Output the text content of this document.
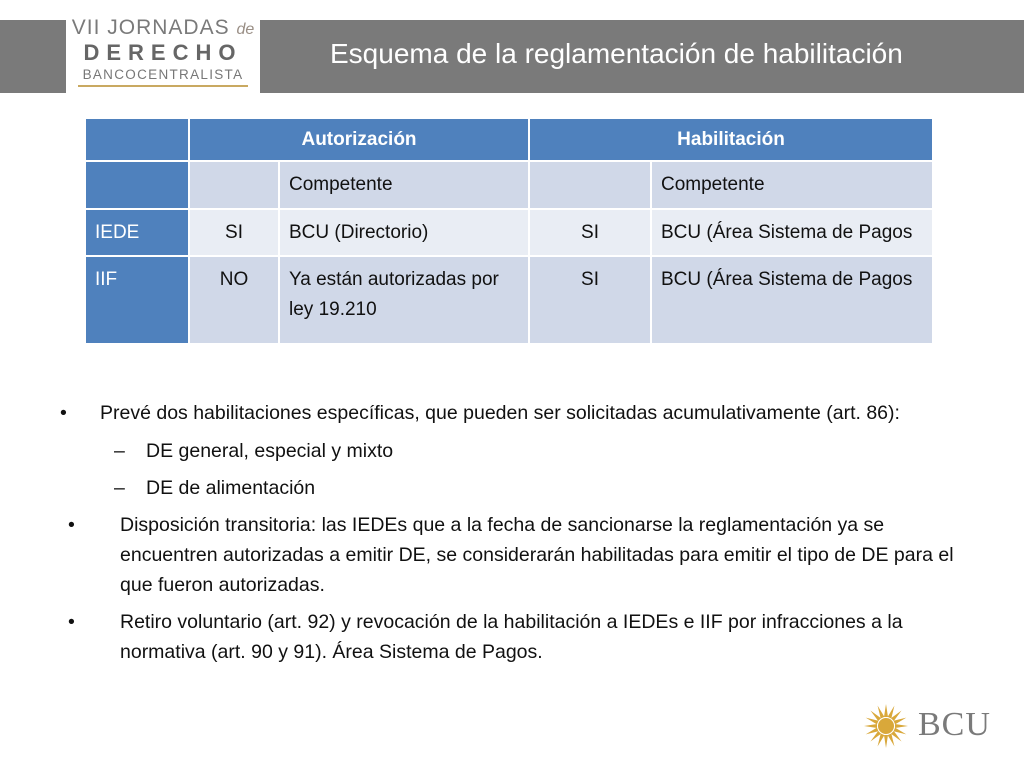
VII JORNADAS de
DERECHO
BANCOCENTRALISTA
Esquema de la reglamentación de habilitación
	Autorización		Habilitación	
		Competente		Competente
IEDE	SI	BCU (Directorio)	SI	BCU (Área Sistema de Pagos
IIF	NO	Ya están autorizadas por ley 19.210	SI	BCU (Área Sistema de Pagos
• Prevé dos habilitaciones específicas, que pueden ser solicitadas acumulativamente (art. 86):
– DE general, especial y mixto
– DE de alimentación
• Disposición transitoria: las IEDEs que a la fecha de sancionarse la reglamentación ya se encuentren autorizadas a emitir DE, se considerarán habilitadas para emitir el tipo de DE para el que fueron autorizadas.
• Retiro voluntario (art. 92) y revocación de la habilitación a IEDEs e IIF por infracciones a la normativa (art. 90 y 91). Área Sistema de Pagos.
BCU
